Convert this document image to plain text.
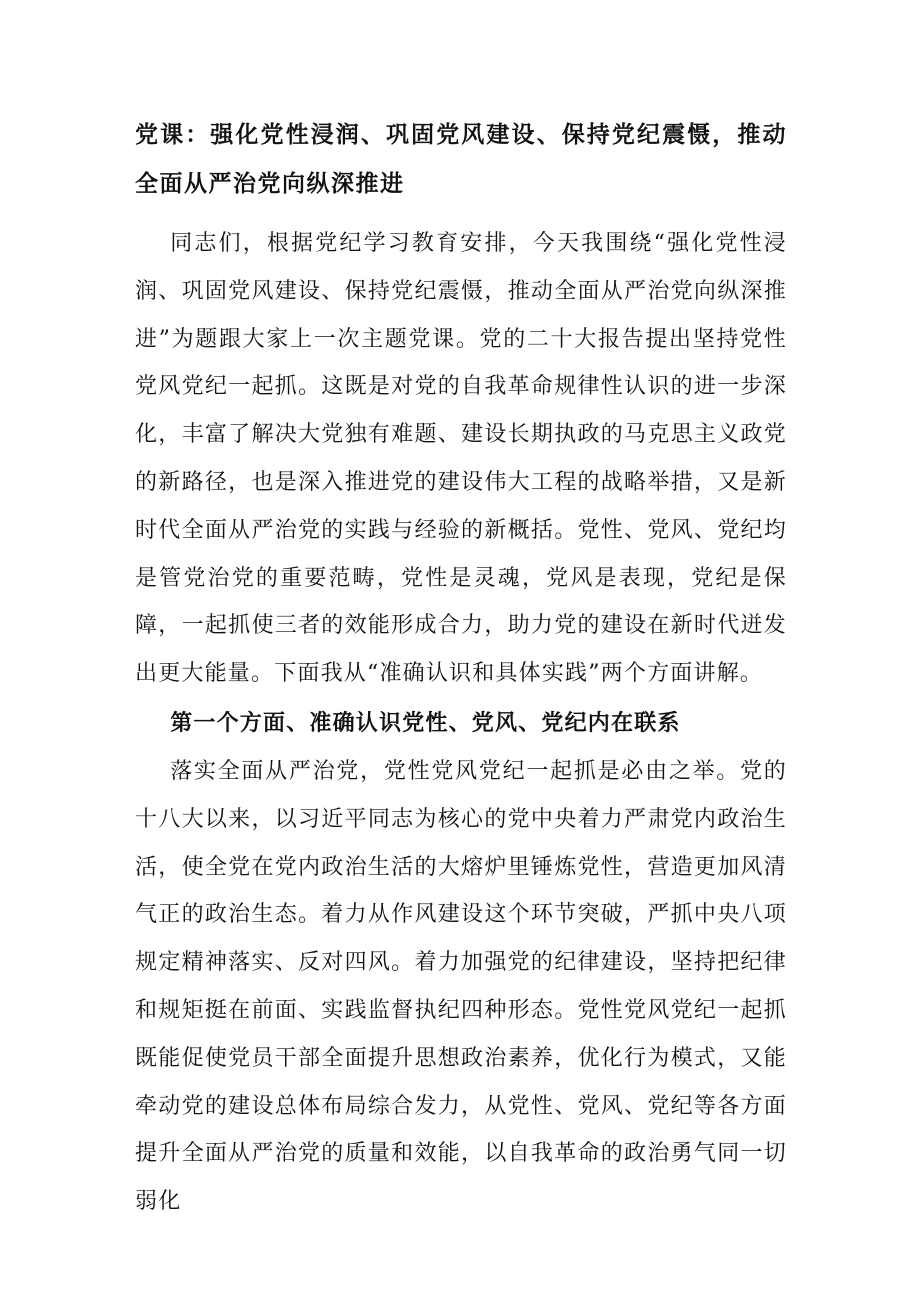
党课：强化党性浸润、巩固党风建设、保持党纪震慑，推动全面从严治党向纵深推进

同志们，根据党纪学习教育安排，今天我围绕“强化党性浸润、巩固党风建设、保持党纪震慑，推动全面从严治党向纵深推进”为题跟大家上一次主题党课。党的二十大报告提出坚持党性党风党纪一起抓。这既是对党的自我革命规律性认识的进一步深化，丰富了解决大党独有难题、建设长期执政的马克思主义政党的新路径，也是深入推进党的建设伟大工程的战略举措，又是新时代全面从严治党的实践与经验的新概括。党性、党风、党纪均是管党治党的重要范畴，党性是灵魂，党风是表现，党纪是保障，一起抓使三者的效能形成合力，助力党的建设在新时代迸发出更大能量。下面我从“准确认识和具体实践”两个方面讲解。

第一个方面、准确认识党性、党风、党纪内在联系

落实全面从严治党，党性党风党纪一起抓是必由之举。党的十八大以来，以习近平同志为核心的党中央着力严肃党内政治生活，使全党在党内政治生活的大熔炉里锤炼党性，营造更加风清气正的政治生态。着力从作风建设这个环节突破，严抓中央八项规定精神落实、反对四风。着力加强党的纪律建设，坚持把纪律和规矩挺在前面、实践监督执纪四种形态。党性党风党纪一起抓既能促使党员干部全面提升思想政治素养，优化行为模式，又能牵动党的建设总体布局综合发力，从党性、党风、党纪等各方面提升全面从严治党的质量和效能，以自我革命的政治勇气同一切弱化
